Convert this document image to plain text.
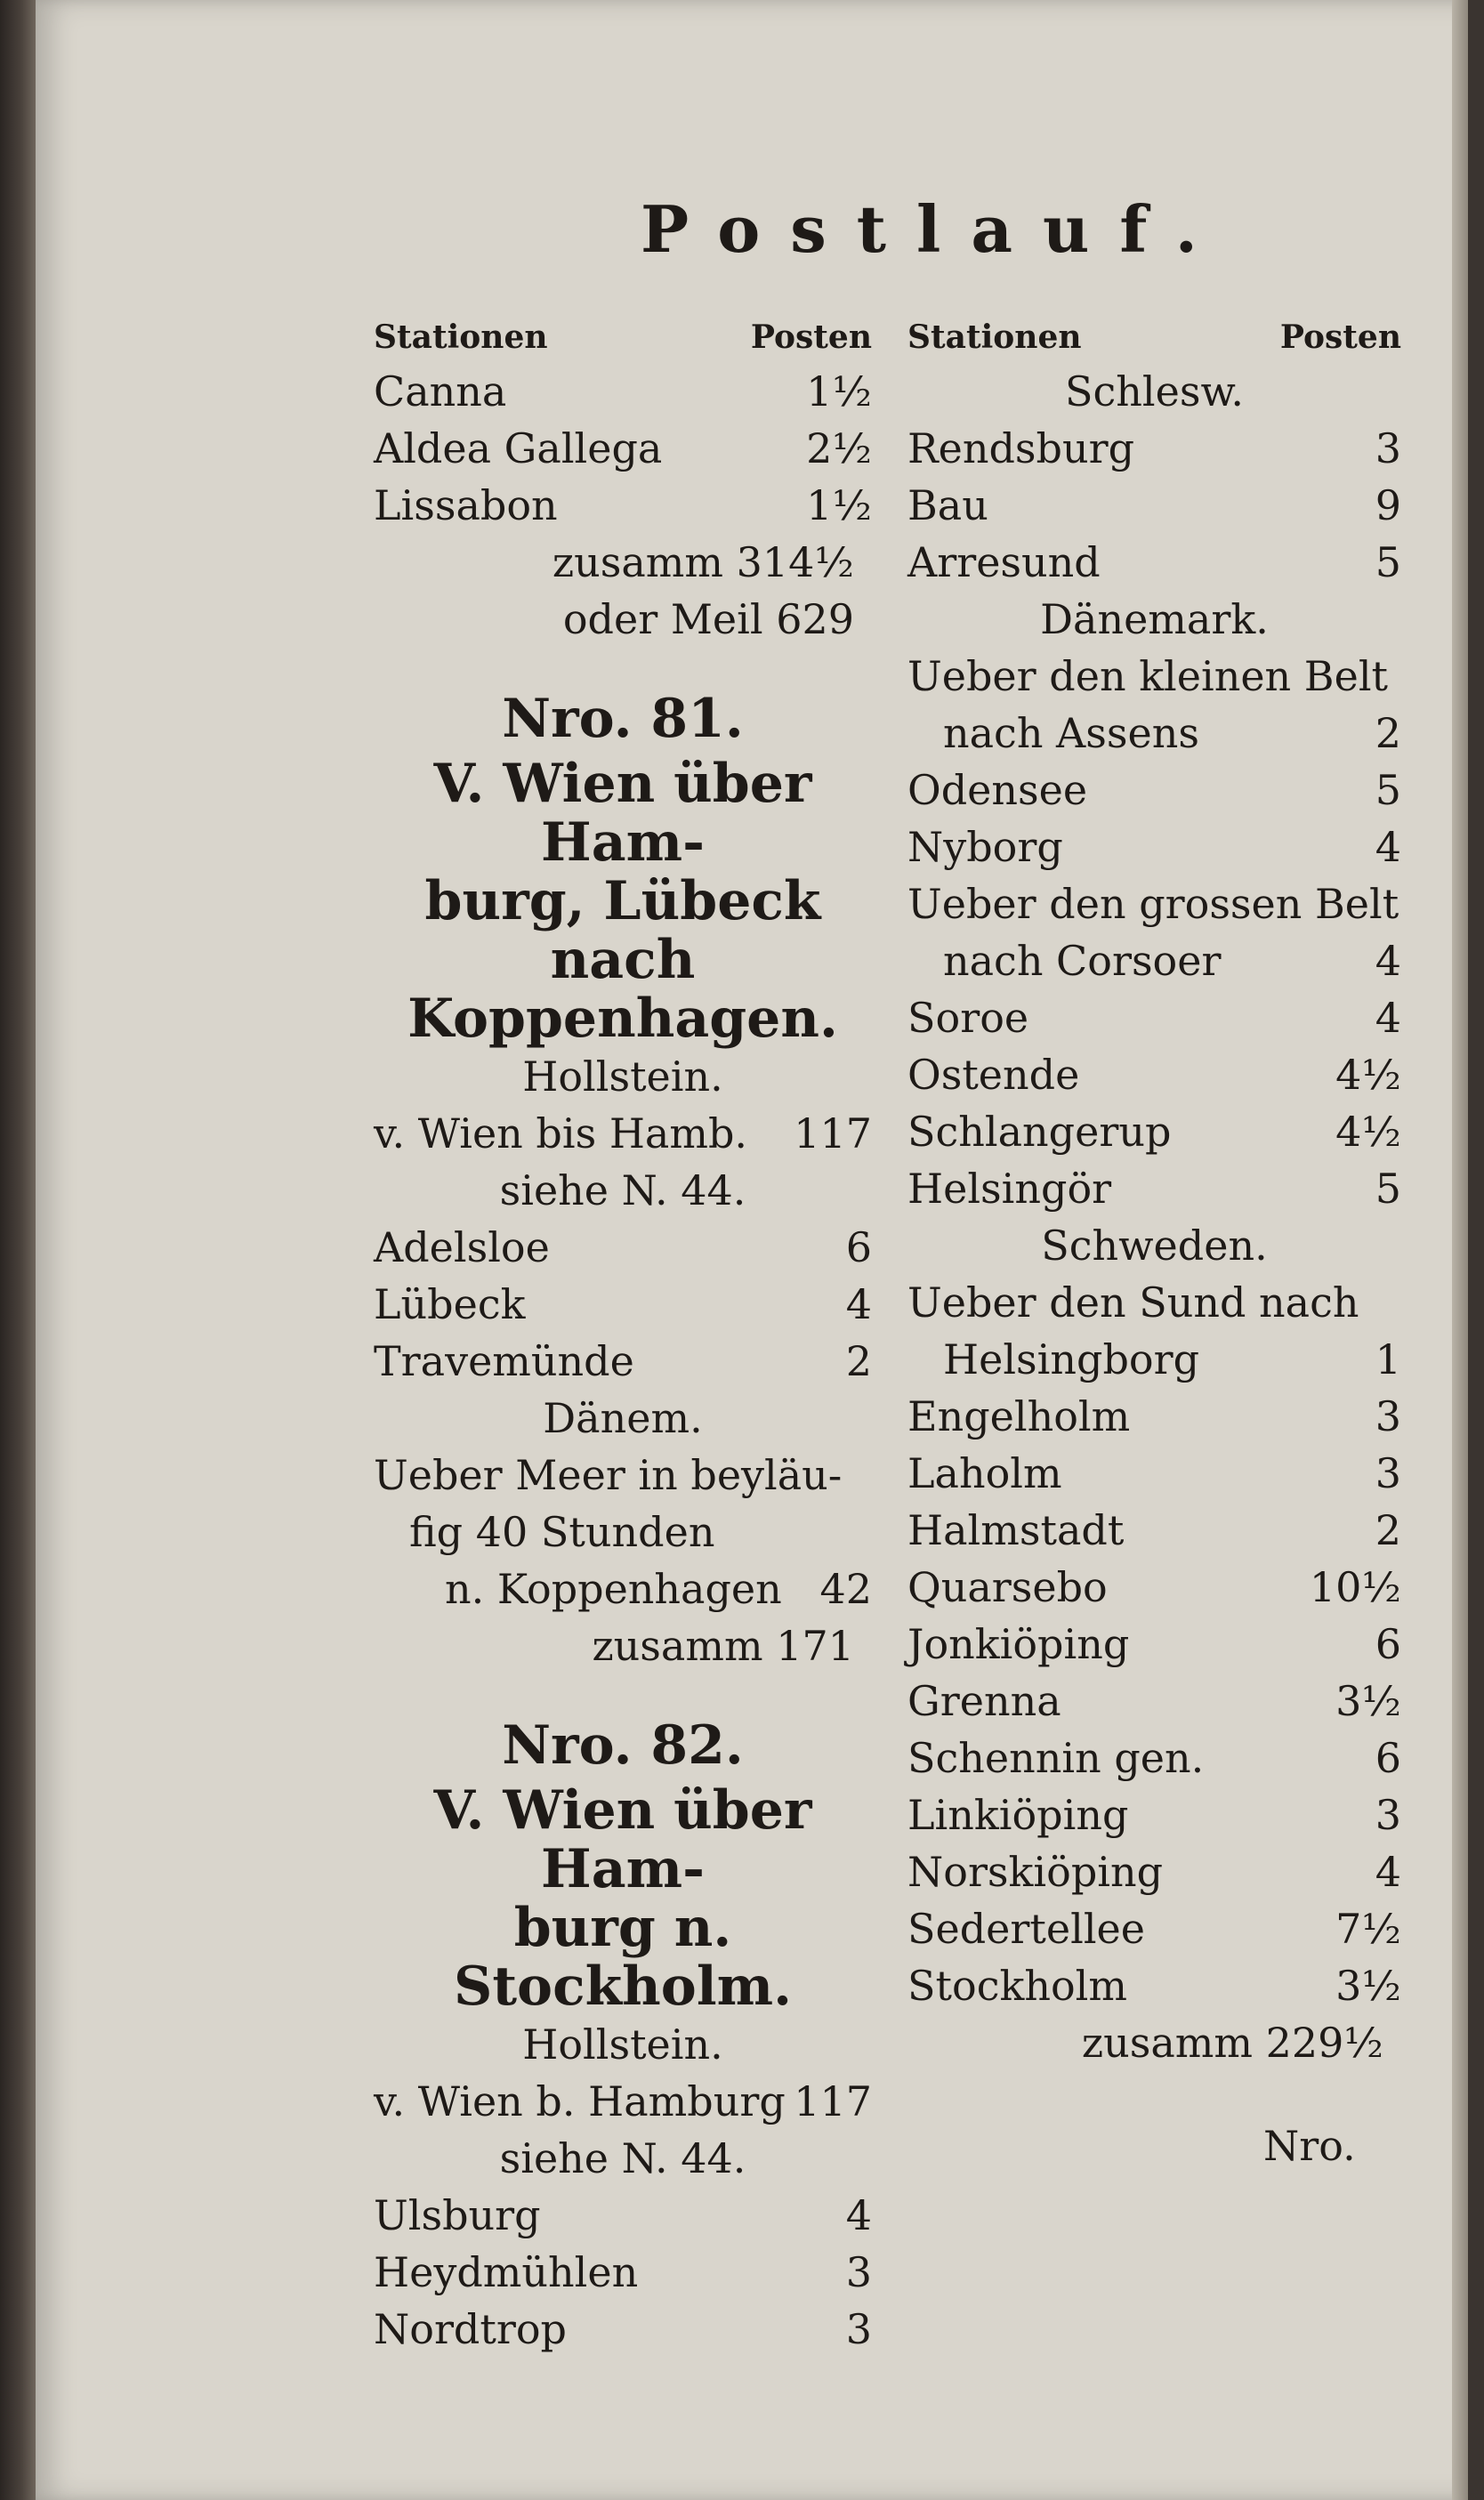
Postlauf.
Stationen	Posten
Canna	1½
Aldea Gallega	2½
Lissabon	1½
zusamm 314½
oder Meil 629
Nro. 81.
V. Wien über Ham-
burg, Lübeck nach
Koppenhagen.
Hollstein.
v. Wien bis Hamb.	117
siehe N. 44.
Adelsloe	6
Lübeck	4
Travemünde	2
Dänem.
Ueber Meer in beyläu-
fig 40 Stunden
n. Koppenhagen 42
zusamm 171
Nro. 82.
V. Wien über Ham-
burg n. Stockholm.
Hollstein.
v. Wien b. Hamburg 117
siehe N. 44.
Ulsburg	4
Heydmühlen	3
Nordtrop	3
Stationen	Posten
Schlesw.
Rendsburg	3
Bau	9
Arresund	5
Dänemark.
Ueber den kleinen Belt
nach Assens	2
Odensee	5
Nyborg	4
Ueber den grossen Belt
nach Corsoer	4
Soroe	4
Ostende	4½
Schlangerup	4½
Helsingör	5
Schweden.
Ueber den Sund nach
Helsingborg	1
Engelholm	3
Laholm	3
Halmstadt	2
Quarsebo	10½
Jonkiöping	6
Grenna	3½
Schennin gen.	6
Linkiöping	3
Norskiöping	4
Sedertellee	7½
Stockholm	3½
zusamm 229½
Nro.
